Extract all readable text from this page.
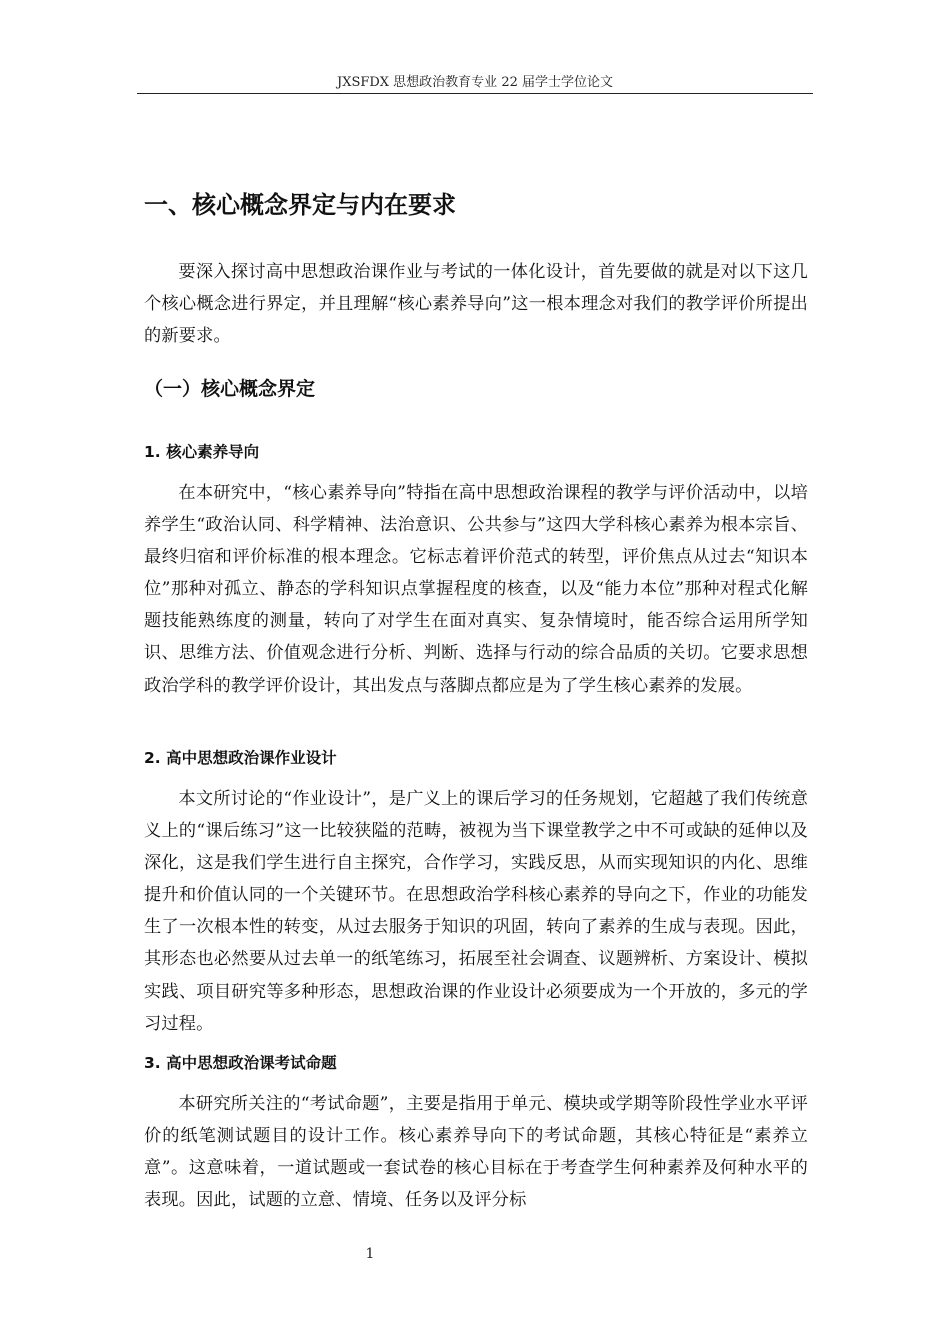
JXSFDX 思想政治教育专业 22 届学士学位论文
一、核心概念界定与内在要求

要深入探讨高中思想政治课作业与考试的一体化设计，首先要做的就是对以下这几个核心概念进行界定，并且理解“核心素养导向”这一根本理念对我们的教学评价所提出的新要求。

（一）核心概念界定
1. 核心素养导向

在本研究中，“核心素养导向”特指在高中思想政治课程的教学与评价活动中，以培养学生“政治认同、科学精神、法治意识、公共参与”这四大学科核心素养为根本宗旨、最终归宿和评价标准的根本理念。它标志着评价范式的转型，评价焦点从过去“知识本位”那种对孤立、静态的学科知识点掌握程度的核查，以及“能力本位”那种对程式化解题技能熟练度的测量，转向了对学生在面对真实、复杂情境时，能否综合运用所学知识、思维方法、价值观念进行分析、判断、选择与行动的综合品质的关切。它要求思想政治学科的教学评价设计，其出发点与落脚点都应是为了学生核心素养的发展。

2. 高中思想政治课作业设计

本文所讨论的“作业设计”，是广义上的课后学习的任务规划，它超越了我们传统意义上的“课后练习”这一比较狭隘的范畴，被视为当下课堂教学之中不可或缺的延伸以及深化，这是我们学生进行自主探究，合作学习，实践反思，从而实现知识的内化、思维提升和价值认同的一个关键环节。在思想政治学科核心素养的导向之下，作业的功能发生了一次根本性的转变，从过去服务于知识的巩固，转向了素养的生成与表现。因此，其形态也必然要从过去单一的纸笔练习，拓展至社会调查、议题辨析、方案设计、模拟实践、项目研究等多种形态，思想政治课的作业设计必须要成为一个开放的，多元的学习过程。

3. 高中思想政治课考试命题

本研究所关注的“考试命题”，主要是指用于单元、模块或学期等阶段性学业水平评价的纸笔测试题目的设计工作。核心素养导向下的考试命题，其核心特征是“素养立意”。这意味着，一道试题或一套试卷的核心目标在于考查学生何种素养及何种水平的表现。因此，试题的立意、情境、任务以及评分标

1
